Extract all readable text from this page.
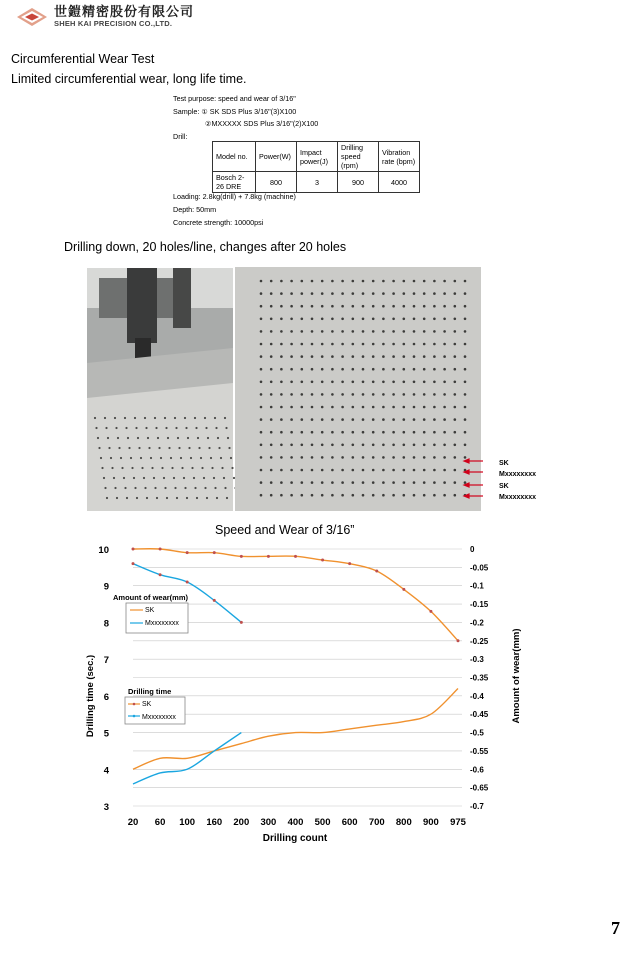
世鎧精密股份有限公司
SHEH KAI PRECISION CO.,LTD.
Circumferential Wear Test
Limited circumferential wear, long life time.
Test purpose: speed and wear of 3/16"
Sample: ① SK SDS Plus 3/16"(3)X100
②MXXXXX SDS Plus 3/16"(2)X100
Drill:
Model no.	Power(W)	Impact power(J)	Drilling speed (rpm)	Vibration rate (bpm)
Bosch 2-26 DRE	800	3	900	4000
Loading: 2.8kg(drill) + 7.8kg (machine)
Depth: 50mm
Concrete strength: 10000psi
Drilling down, 20 holes/line, changes after 20 holes
SK
Mxxxxxxxx
SK
Mxxxxxxxx
Speed and Wear of 3/16”
0
-0.05
-0.1
-0.15
-0.2
-0.25
-0.3
-0.35
-0.4
-0.45
-0.5
-0.55
-0.6
-0.65
-0.7
10
9
8
7
6
5
4
3
20 60 100 160 200 300 400 500 600 700 800 900 975
Amount of wear(mm)
SK
Mxxxxxxxx
Drilling time
SK
Mxxxxxxxx
Drilling count
Drilling time (sec.)	Amount of wear(mm)
7
